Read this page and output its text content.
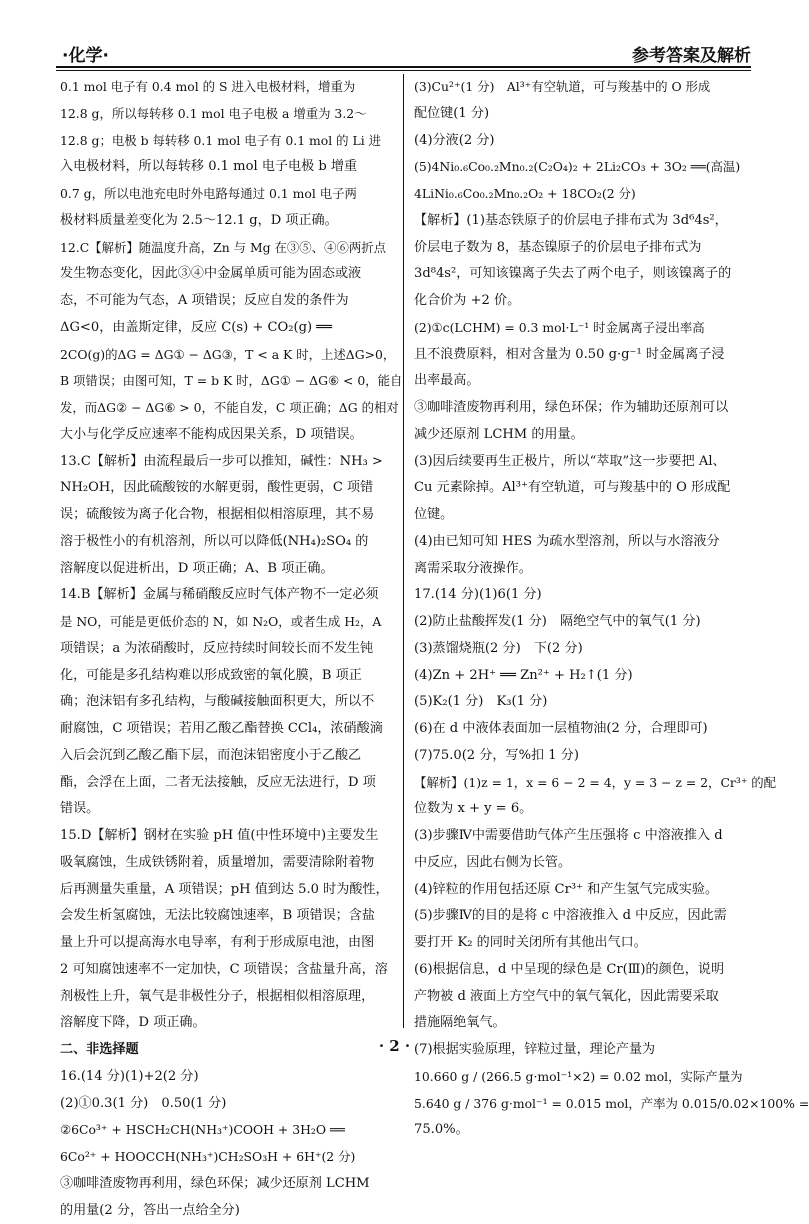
·化学·	参考答案及解析
0.1 mol 电子有 0.4 mol 的 S 进入电极材料，增重为
12.8 g，所以每转移 0.1 mol 电子电极 a 增重为 3.2～
12.8 g；电极 b 每转移 0.1 mol 电子有 0.1 mol 的 Li 进
入电极材料，所以每转移 0.1 mol 电子电极 b 增重
0.7 g，所以电池充电时外电路每通过 0.1 mol 电子两
极材料质量差变化为 2.5～12.1 g，D 项正确。
12.C【解析】随温度升高，Zn 与 Mg 在③⑤、④⑥两折点
发生物态变化，因此③④中金属单质可能为固态或液
态，不可能为气态，A 项错误；反应自发的条件为
ΔG<0，由盖斯定律，反应 C(s) + CO₂(g) ══
2CO(g)的ΔG = ΔG① − ΔG③，T < a K 时，上述ΔG>0，
B 项错误；由图可知，T = b K 时，ΔG① − ΔG⑥ < 0，能自
发，而ΔG② − ΔG⑥ > 0，不能自发，C 项正确；ΔG 的相对
大小与化学反应速率不能构成因果关系，D 项错误。
13.C【解析】由流程最后一步可以推知，碱性：NH₃ >
NH₂OH，因此硫酸铵的水解更弱，酸性更弱，C 项错
误；硫酸铵为离子化合物，根据相似相溶原理，其不易
溶于极性小的有机溶剂，所以可以降低(NH₄)₂SO₄ 的
溶解度以促进析出，D 项正确；A、B 项正确。
14.B【解析】金属与稀硝酸反应时气体产物不一定必须
是 NO，可能是更低价态的 N，如 N₂O，或者生成 H₂，A
项错误；a 为浓硝酸时，反应持续时间较长而不发生钝
化，可能是多孔结构难以形成致密的氧化膜，B 项正
确；泡沫铝有多孔结构，与酸碱接触面积更大，所以不
耐腐蚀，C 项错误；若用乙酸乙酯替换 CCl₄，浓硝酸滴
入后会沉到乙酸乙酯下层，而泡沫铝密度小于乙酸乙
酯，会浮在上面，二者无法接触，反应无法进行，D 项
错误。
15.D【解析】钢材在实验 pH 值(中性环境中)主要发生
吸氧腐蚀，生成铁锈附着，质量增加，需要清除附着物
后再测量失重量，A 项错误；pH 值到达 5.0 时为酸性，
会发生析氢腐蚀，无法比较腐蚀速率，B 项错误；含盐
量上升可以提高海水电导率，有利于形成原电池，由图
2 可知腐蚀速率不一定加快，C 项错误；含盐量升高，溶
剂极性上升，氧气是非极性分子，根据相似相溶原理，
溶解度下降，D 项正确。
二、非选择题
16.(14 分)(1)+2(2 分)
(2)①0.3(1 分)　0.50(1 分)
②6Co³⁺ + HSCH₂CH(NH₃⁺)COOH + 3H₂O ══
6Co²⁺ + HOOCCH(NH₃⁺)CH₂SO₃H + 6H⁺(2 分)
③咖啡渣废物再利用，绿色环保；减少还原剂 LCHM
的用量(2 分，答出一点给全分)
(3)Cu²⁺(1 分)　Al³⁺有空轨道，可与羧基中的 O 形成
配位键(1 分)
(4)分液(2 分)
(5)4Ni₀.₆Co₀.₂Mn₀.₂(C₂O₄)₂ + 2Li₂CO₃ + 3O₂ ══(高温)
4LiNi₀.₆Co₀.₂Mn₀.₂O₂ + 18CO₂(2 分)
【解析】(1)基态铁原子的价层电子排布式为 3d⁶4s²，
价层电子数为 8，基态镍原子的价层电子排布式为
3d⁸4s²，可知该镍离子失去了两个电子，则该镍离子的
化合价为 +2 价。
(2)①c(LCHM) = 0.3 mol·L⁻¹ 时金属离子浸出率高
且不浪费原料，相对含量为 0.50 g·g⁻¹ 时金属离子浸
出率最高。
③咖啡渣废物再利用，绿色环保；作为辅助还原剂可以
减少还原剂 LCHM 的用量。
(3)因后续要再生正极片，所以“萃取”这一步要把 Al、
Cu 元素除掉。Al³⁺有空轨道，可与羧基中的 O 形成配
位键。
(4)由已知可知 HES 为疏水型溶剂，所以与水溶液分
离需采取分液操作。
17.(14 分)(1)6(1 分)
(2)防止盐酸挥发(1 分)　隔绝空气中的氧气(1 分)
(3)蒸馏烧瓶(2 分)　下(2 分)
(4)Zn + 2H⁺ ══ Zn²⁺ + H₂↑(1 分)
(5)K₂(1 分)　K₃(1 分)
(6)在 d 中液体表面加一层植物油(2 分，合理即可)
(7)75.0(2 分，写%扣 1 分)
【解析】(1)z = 1，x = 6 − 2 = 4，y = 3 − z = 2，Cr³⁺ 的配
位数为 x + y = 6。
(3)步骤Ⅳ中需要借助气体产生压强将 c 中溶液推入 d
中反应，因此右侧为长管。
(4)锌粒的作用包括还原 Cr³⁺ 和产生氢气完成实验。
(5)步骤Ⅳ的目的是将 c 中溶液推入 d 中反应，因此需
要打开 K₂ 的同时关闭所有其他出气口。
(6)根据信息，d 中呈现的绿色是 Cr(Ⅲ)的颜色，说明
产物被 d 液面上方空气中的氧气氧化，因此需要采取
措施隔绝氧气。
(7)根据实验原理，锌粒过量，理论产量为
10.660 g / (266.5 g·mol⁻¹×2) = 0.02 mol，实际产量为
5.640 g / 376 g·mol⁻¹ = 0.015 mol，产率为 0.015/0.02×100% =
75.0%。
· 2 ·
